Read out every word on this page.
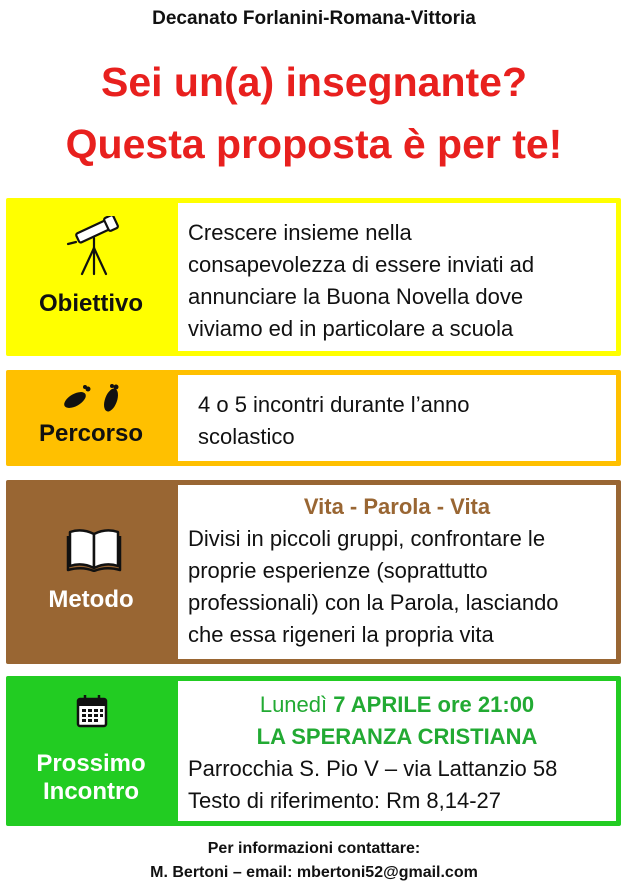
Decanato Forlanini-Romana-Vittoria
Sei un(a) insegnante?
Questa proposta è per te!
Obiettivo
Crescere insieme nella
consapevolezza di essere inviati ad
annunciare la Buona Novella dove
viviamo ed in particolare a scuola
Percorso
4 o 5 incontri durante l’anno
scolastico
Metodo
Vita - Parola - Vita
Divisi in piccoli gruppi, confrontare le
proprie esperienze (soprattutto
professionali) con la Parola, lasciando
che essa rigeneri la propria vita
Prossimo
Incontro
Lunedì 7 APRILE ore 21:00
LA SPERANZA CRISTIANA
Parrocchia S. Pio V – via Lattanzio 58
Testo di riferimento: Rm 8,14-27
Per informazioni contattare:
M. Bertoni – email: mbertoni52@gmail.com
